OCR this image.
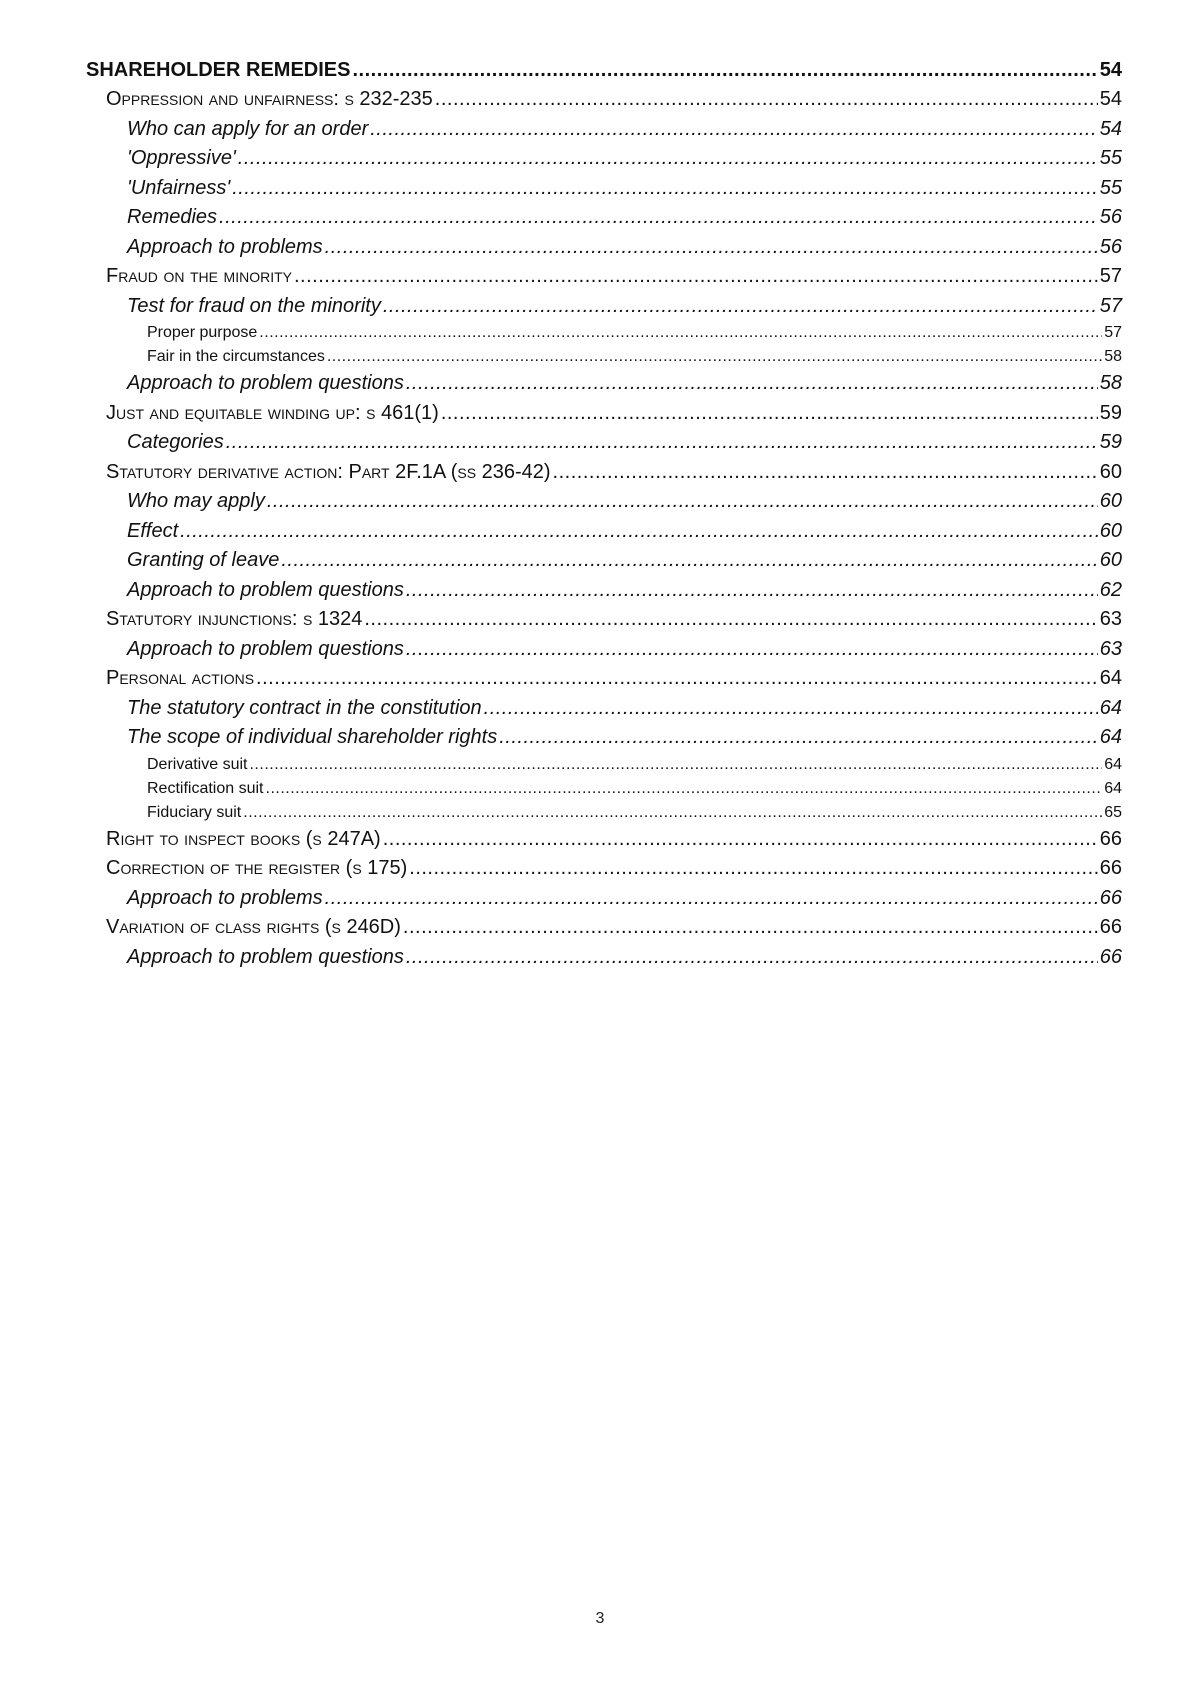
SHAREHOLDER REMEDIES .....	54
Oppression and unfairness: s 232-235 .....	54
Who can apply for an order .....	54
'Oppressive' .....	55
'Unfairness' .....	55
Remedies .....	56
Approach to problems .....	56
Fraud on the minority .....	57
Test for fraud on the minority .....	57
Proper purpose .....	57
Fair in the circumstances .....	58
Approach to problem questions .....	58
Just and equitable winding up: s 461(1) .....	59
Categories .....	59
Statutory derivative action: Part 2F.1A (ss 236-42) .....	60
Who may apply .....	60
Effect .....	60
Granting of leave .....	60
Approach to problem questions .....	62
Statutory injunctions: s 1324 .....	63
Approach to problem questions .....	63
Personal actions .....	64
The statutory contract in the constitution .....	64
The scope of individual shareholder rights .....	64
Derivative suit .....	64
Rectification suit .....	64
Fiduciary suit .....	65
Right to inspect books (s 247A) .....	66
Correction of the register (s 175) .....	66
Approach to problems .....	66
Variation of class rights (s 246D) .....	66
Approach to problem questions .....	66
3
